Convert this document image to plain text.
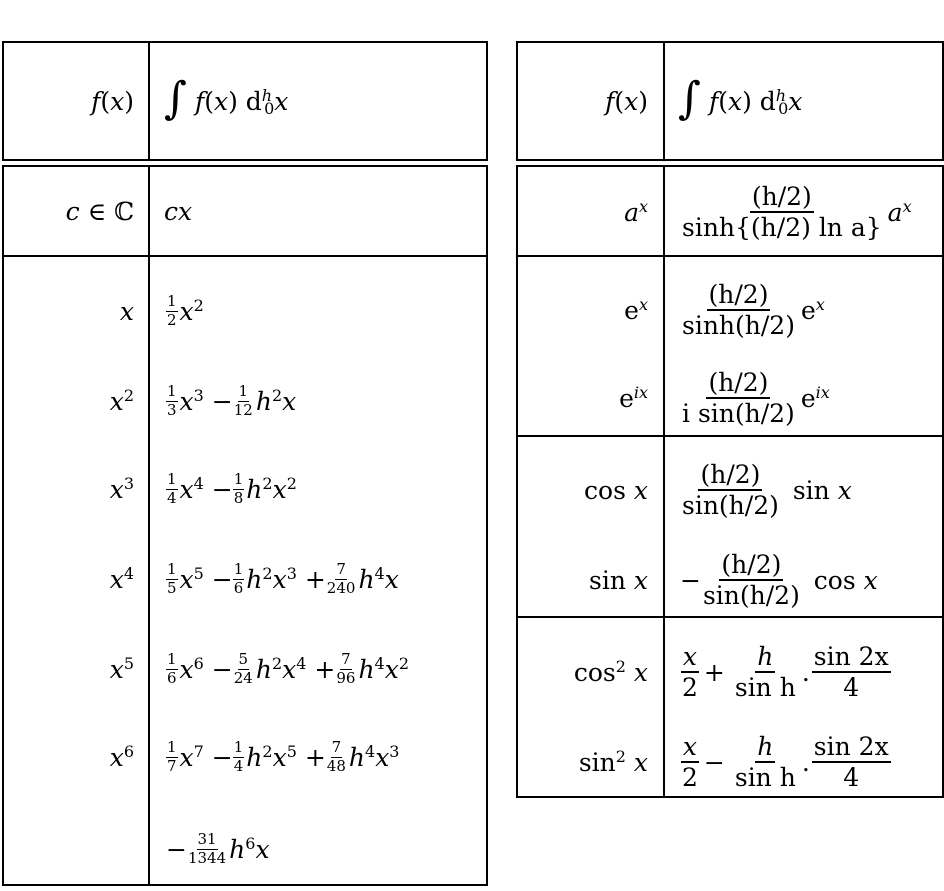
f(x) ∫ f(x) $d^h_0x$
c ∈ ℂ cx
x $\frac{1}{2} x^2$
$x^2 \frac{1}{3} x^3 - \frac{1}{12} h^2x$
$x^3 \frac{1}{4} x^4 - \frac{1}{8} h^2x^2$
$x^4 \frac{1}{5} x^5 - \frac{1}{6} h^2x^3 + \frac{7}{240} h^4x$
$x^5 \frac{1}{6} x^6 - \frac{5}{24} h^2x^4 + \frac{7}{96} h^4x^2$
$x^6 \frac{1}{7} x^7 - \frac{1}{4} h^2x^5 + \frac{7}{48} h^4x^3$
− $\frac{31}{1344} h^6x$
f(x) ∫ f(x) $d^h_0x$
$a^x \frac{(h/2)}{\text{sinh\{(h/2) ln a\}}} a^x$
$e^x \frac{(h/2)}{\sinh(h/2)} e^x$
$e^{ix} \frac{(h/2)}{\text{i sin(h/2)}} e^{ix}$
cos x $\frac{(h/2)}{\sin(h/2)}$ sin x
$\sin x - \frac{(h/2)}{\sin(h/2)}$ cos x
$\cos^2 x \frac{x}{2} + \frac{h}{\text{sin h}}$ . $\frac{\sin 2x}{4}$
$\sin^2 x \frac{x}{2} - \frac{h}{\text{sin h}}$ . $\frac{\sin 2x}{4}$
